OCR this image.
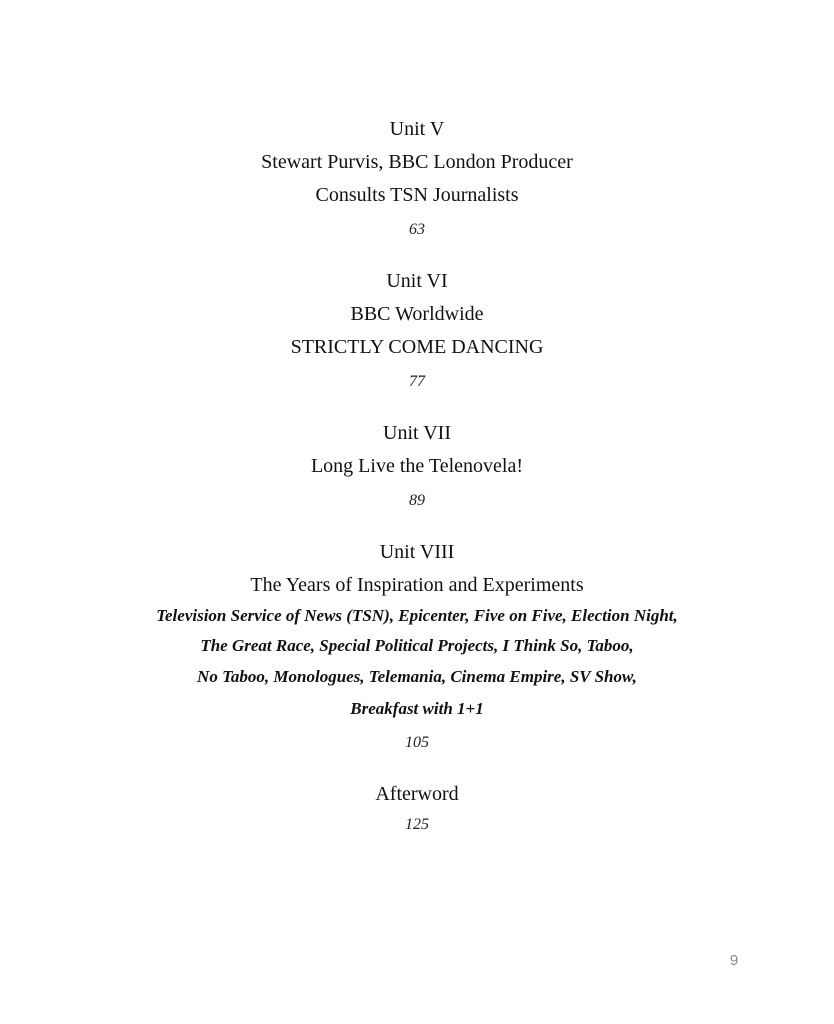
Unit V
Stewart Purvis, BBC London Producer
Consults TSN Journalists
63
Unit VI
BBC Worldwide
STRICTLY COME DANCING
77
Unit VII
Long Live the Telenovela!
89
Unit VIII
The Years of Inspiration and Experiments
Television Service of News (TSN), Epicenter, Five on Five, Election Night,
The Great Race, Special Political Projects, I Think So, Taboo,
No Taboo, Monologues, Telemania, Cinema Empire, SV Show,
Breakfast with 1+1
105
Afterword
125
9
